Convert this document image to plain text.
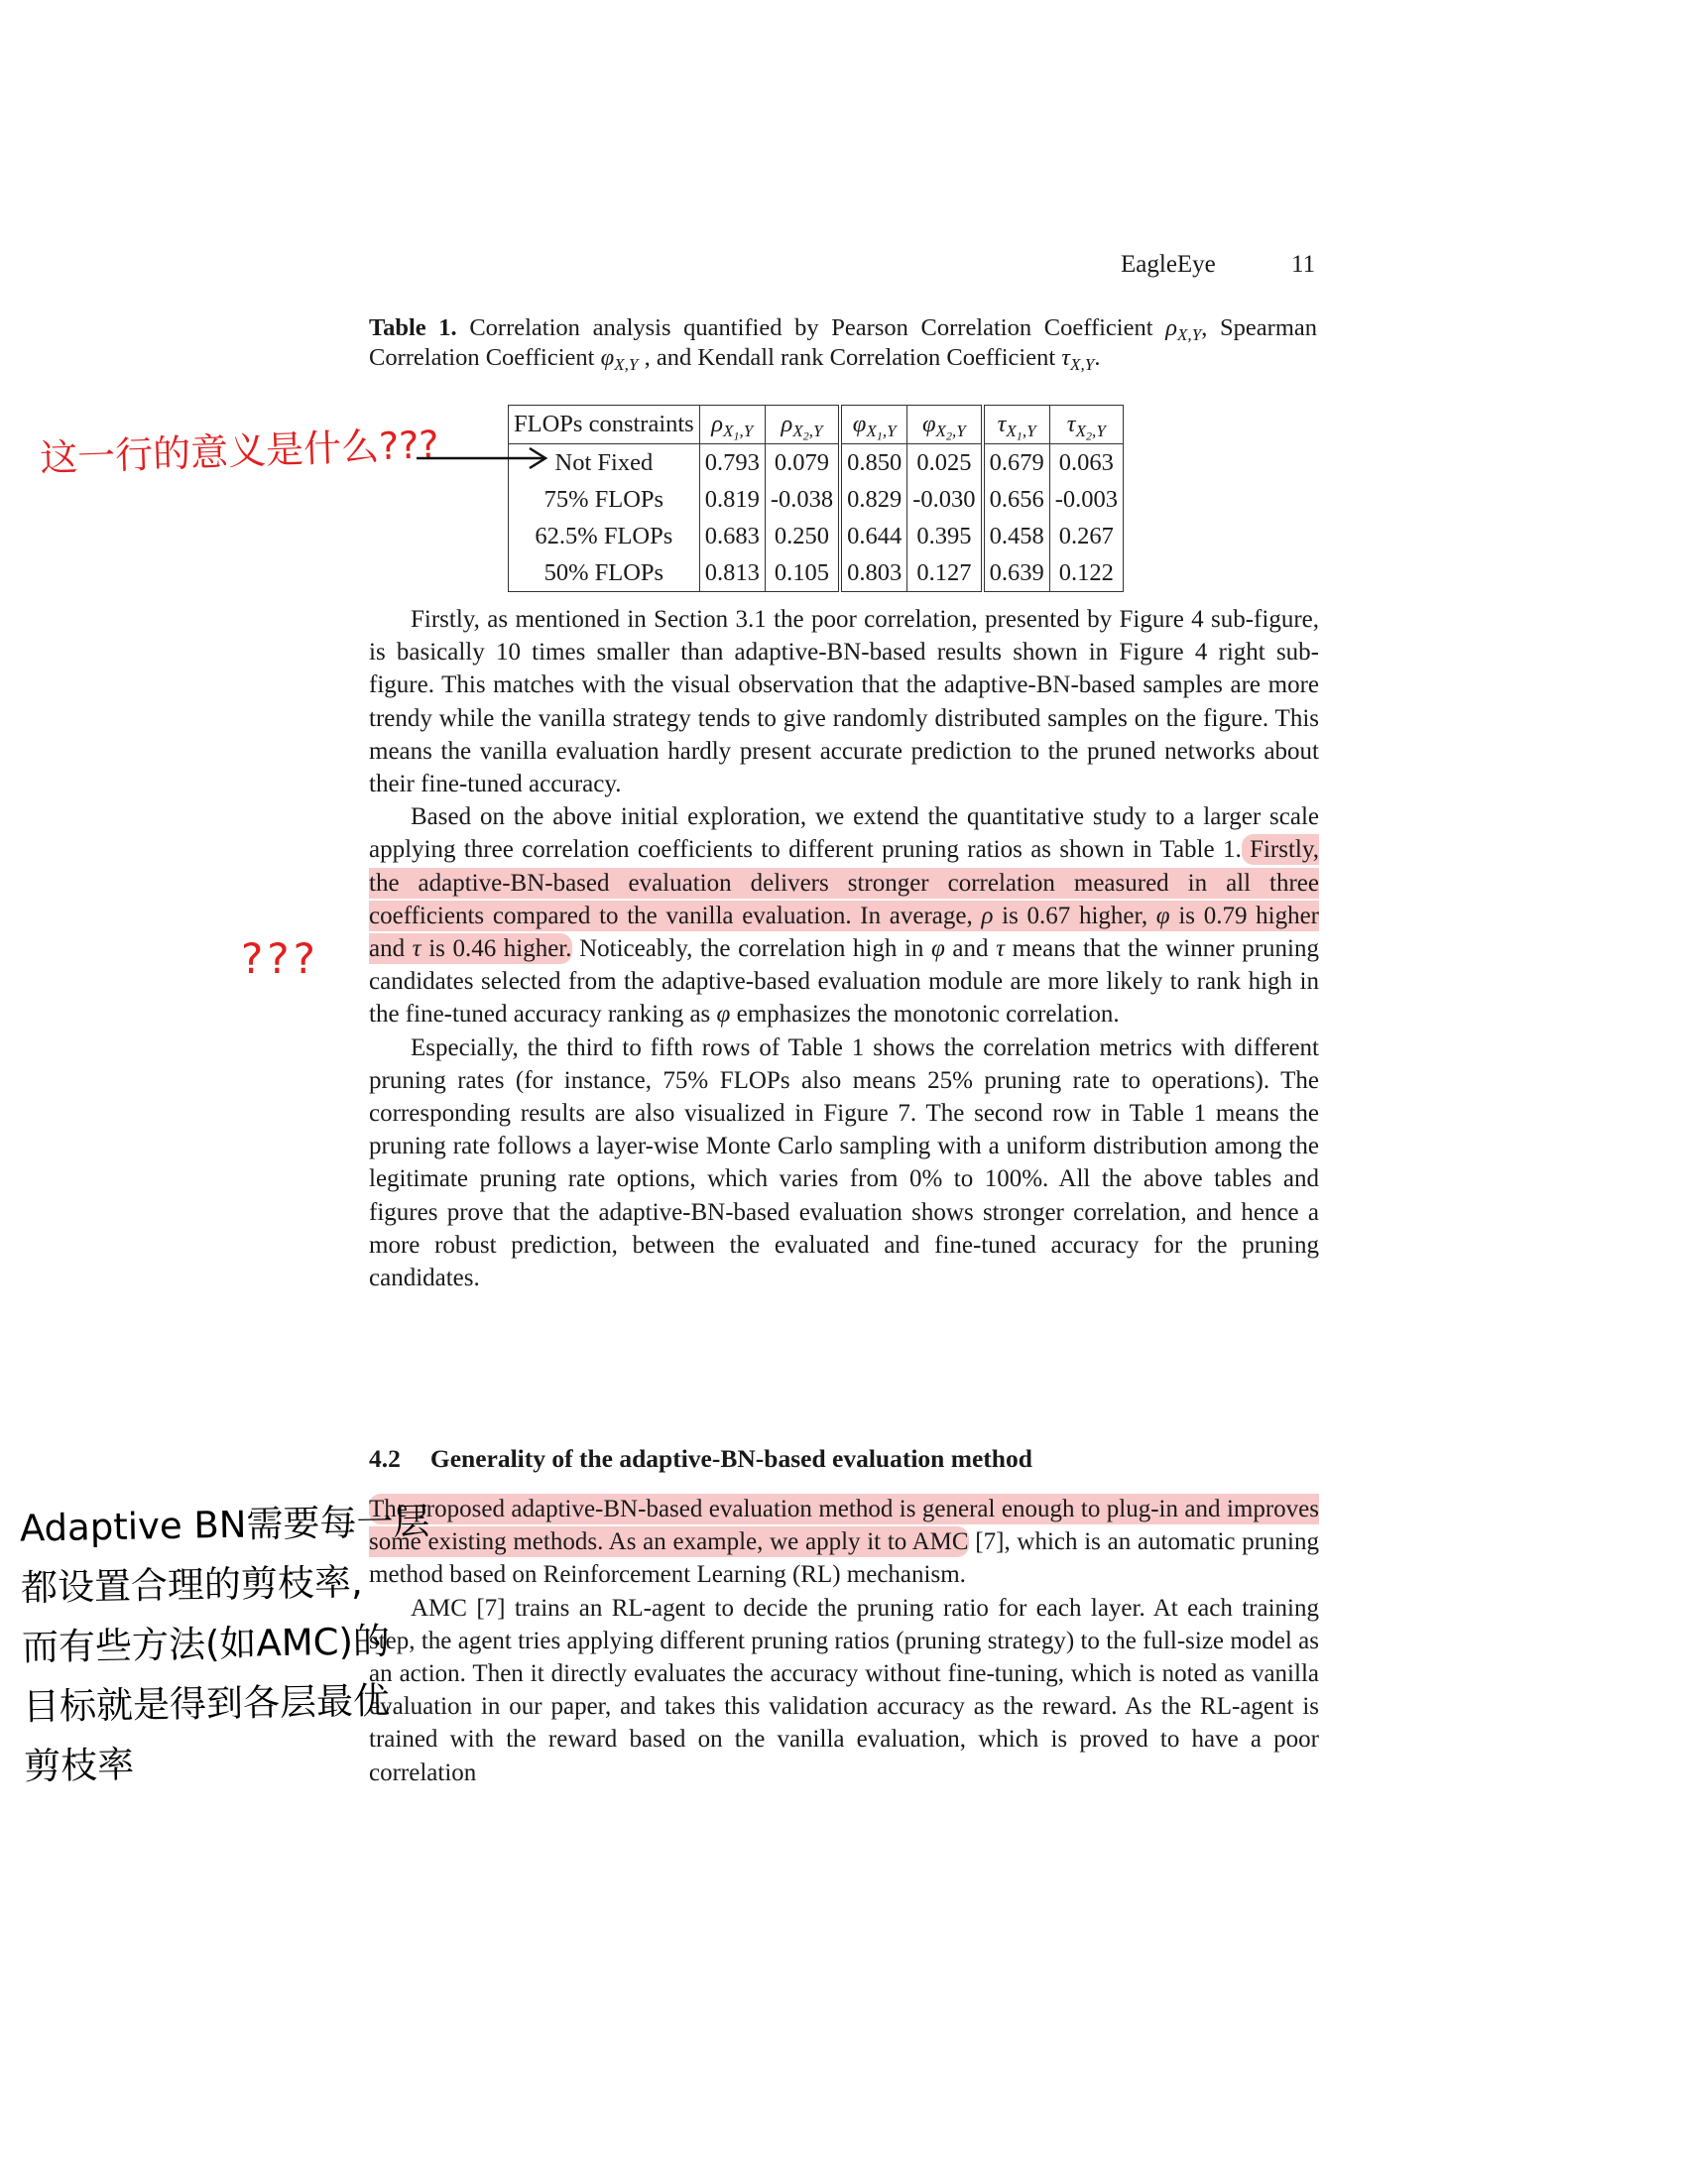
EagleEye	11
Table 1. Correlation analysis quantified by Pearson Correlation Coefficient $\rho_{X,Y}$, Spearman Correlation Coefficient $\varphi_{X,Y}$ , and Kendall rank Correlation Coefficient $\tau_{X,Y}$.
FLOPs constraints	$\rho_{X_1,Y}$	$\rho_{X_2,Y}$	$\varphi_{X_1,Y}$	$\varphi_{X_2,Y}$	$\tau_{X_1,Y}$	$\tau_{X_2,Y}$
Not Fixed	0.793	0.079	0.850	0.025	0.679	0.063
75% FLOPs	0.819	-0.038	0.829	-0.030	0.656	-0.003
62.5% FLOPs	0.683	0.250	0.644	0.395	0.458	0.267
50% FLOPs	0.813	0.105	0.803	0.127	0.639	0.122

Firstly, as mentioned in Section 3.1 the poor correlation, presented by Figure 4 sub-figure, is basically 10 times smaller than adaptive-BN-based results shown in Figure 4 right sub-figure. This matches with the visual observation that the adaptive-BN-based samples are more trendy while the vanilla strategy tends to give randomly distributed samples on the figure. This means the vanilla evaluation hardly present accurate prediction to the pruned networks about their fine-tuned accuracy.

Based on the above initial exploration, we extend the quantitative study to a larger scale applying three correlation coefficients to different pruning ratios as shown in Table 1. Firstly, the adaptive-BN-based evaluation delivers stronger correlation measured in all three coefficients compared to the vanilla evaluation. In average, ρ is 0.67 higher, φ is 0.79 higher and τ is 0.46 higher. Noticeably, the correlation high in φ and τ means that the winner pruning candidates selected from the adaptive-based evaluation module are more likely to rank high in the fine-tuned accuracy ranking as φ emphasizes the monotonic correlation.

Especially, the third to fifth rows of Table 1 shows the correlation metrics with different pruning rates (for instance, 75% FLOPs also means 25% pruning rate to operations). The corresponding results are also visualized in Figure 7. The second row in Table 1 means the pruning rate follows a layer-wise Monte Carlo sampling with a uniform distribution among the legitimate pruning rate options, which varies from 0% to 100%. All the above tables and figures prove that the adaptive-BN-based evaluation shows stronger correlation, and hence a more robust prediction, between the evaluated and fine-tuned accuracy for the pruning candidates.

4.2 Generality of the adaptive-BN-based evaluation method

The proposed adaptive-BN-based evaluation method is general enough to plug-in and improves some existing methods. As an example, we apply it to AMC [7], which is an automatic pruning method based on Reinforcement Learning (RL) mechanism.

AMC [7] trains an RL-agent to decide the pruning ratio for each layer. At each training step, the agent tries applying different pruning ratios (pruning strategy) to the full-size model as an action. Then it directly evaluates the accuracy without fine-tuning, which is noted as vanilla evaluation in our paper, and takes this validation accuracy as the reward. As the RL-agent is trained with the reward based on the vanilla evaluation, which is proved to have a poor correlation

这一行的意义是什么???
???
Adaptive BN需要每一层
都设置合理的剪枝率,
而有些方法(如AMC)的
目标就是得到各层最优
剪枝率
